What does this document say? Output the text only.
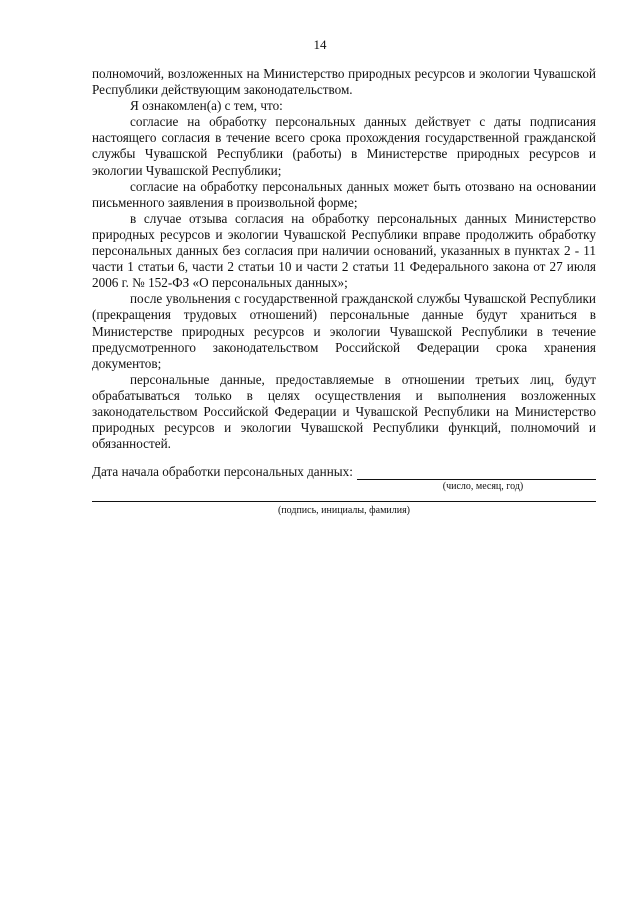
14

полномочий, возложенных на Министерство природных ресурсов и экологии Чувашской Республики действующим законодательством.

Я ознакомлен(а) с тем, что:

согласие на обработку персональных данных действует с даты подписания настоящего согласия в течение всего срока прохождения государственной гражданской службы Чувашской Республики (работы) в Министерстве природных ресурсов и экологии Чувашской Республики;

согласие на обработку персональных данных может быть отозвано на основании письменного заявления в произвольной форме;

в случае отзыва согласия на обработку персональных данных Министерство природных ресурсов и экологии Чувашской Республики вправе продолжить обработку персональных данных без согласия при наличии оснований, указанных в пунктах 2 - 11 части 1 статьи 6, части 2 статьи 10 и части 2 статьи 11 Федерального закона от 27 июля 2006 г. № 152-ФЗ «О персональных данных»;

после увольнения с государственной гражданской службы Чувашской Республики (прекращения трудовых отношений) персональные данные будут храниться в Министерстве природных ресурсов и экологии Чувашской Республики в течение предусмотренного законодательством Российской Федерации срока хранения документов;

персональные данные, предоставляемые в отношении третьих лиц, будут обрабатываться только в целях осуществления и выполнения возложенных законодательством Российской Федерации и Чувашской Республики на Министерство природных ресурсов и экологии Чувашской Республики функций, полномочий и обязанностей.

Дата начала обработки персональных данных:
(число, месяц, год)
(подпись, инициалы, фамилия)
